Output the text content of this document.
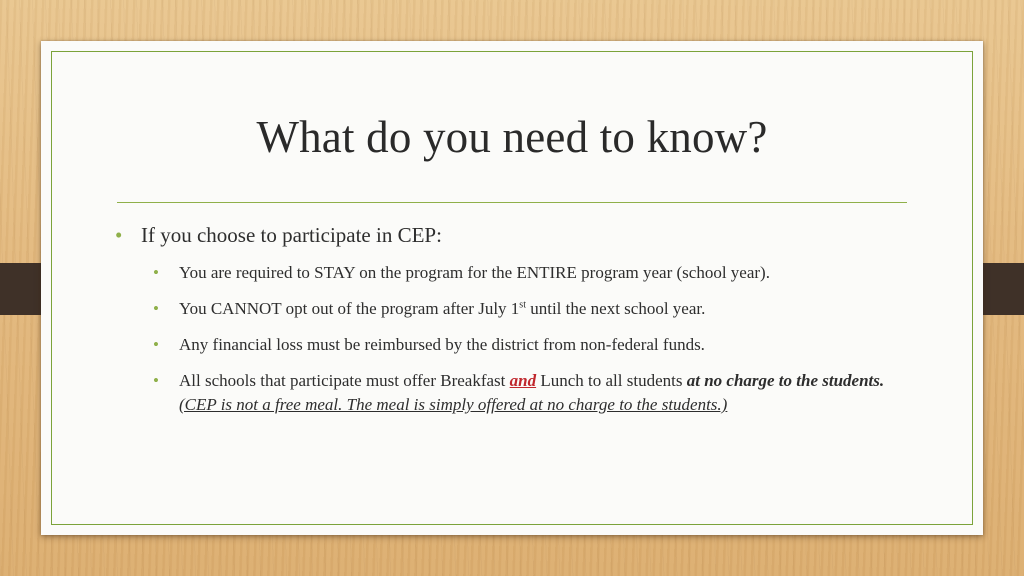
What do you need to know?
• If you choose to participate in CEP:
• You are required to STAY on the program for the ENTIRE program year (school year).
• You CANNOT opt out of the program after July 1st until the next school year.
• Any financial loss must be reimbursed by the district from non-federal funds.
• All schools that participate must offer Breakfast and Lunch to all students at no charge to the students. (CEP is not a free meal. The meal is simply offered at no charge to the students.)
